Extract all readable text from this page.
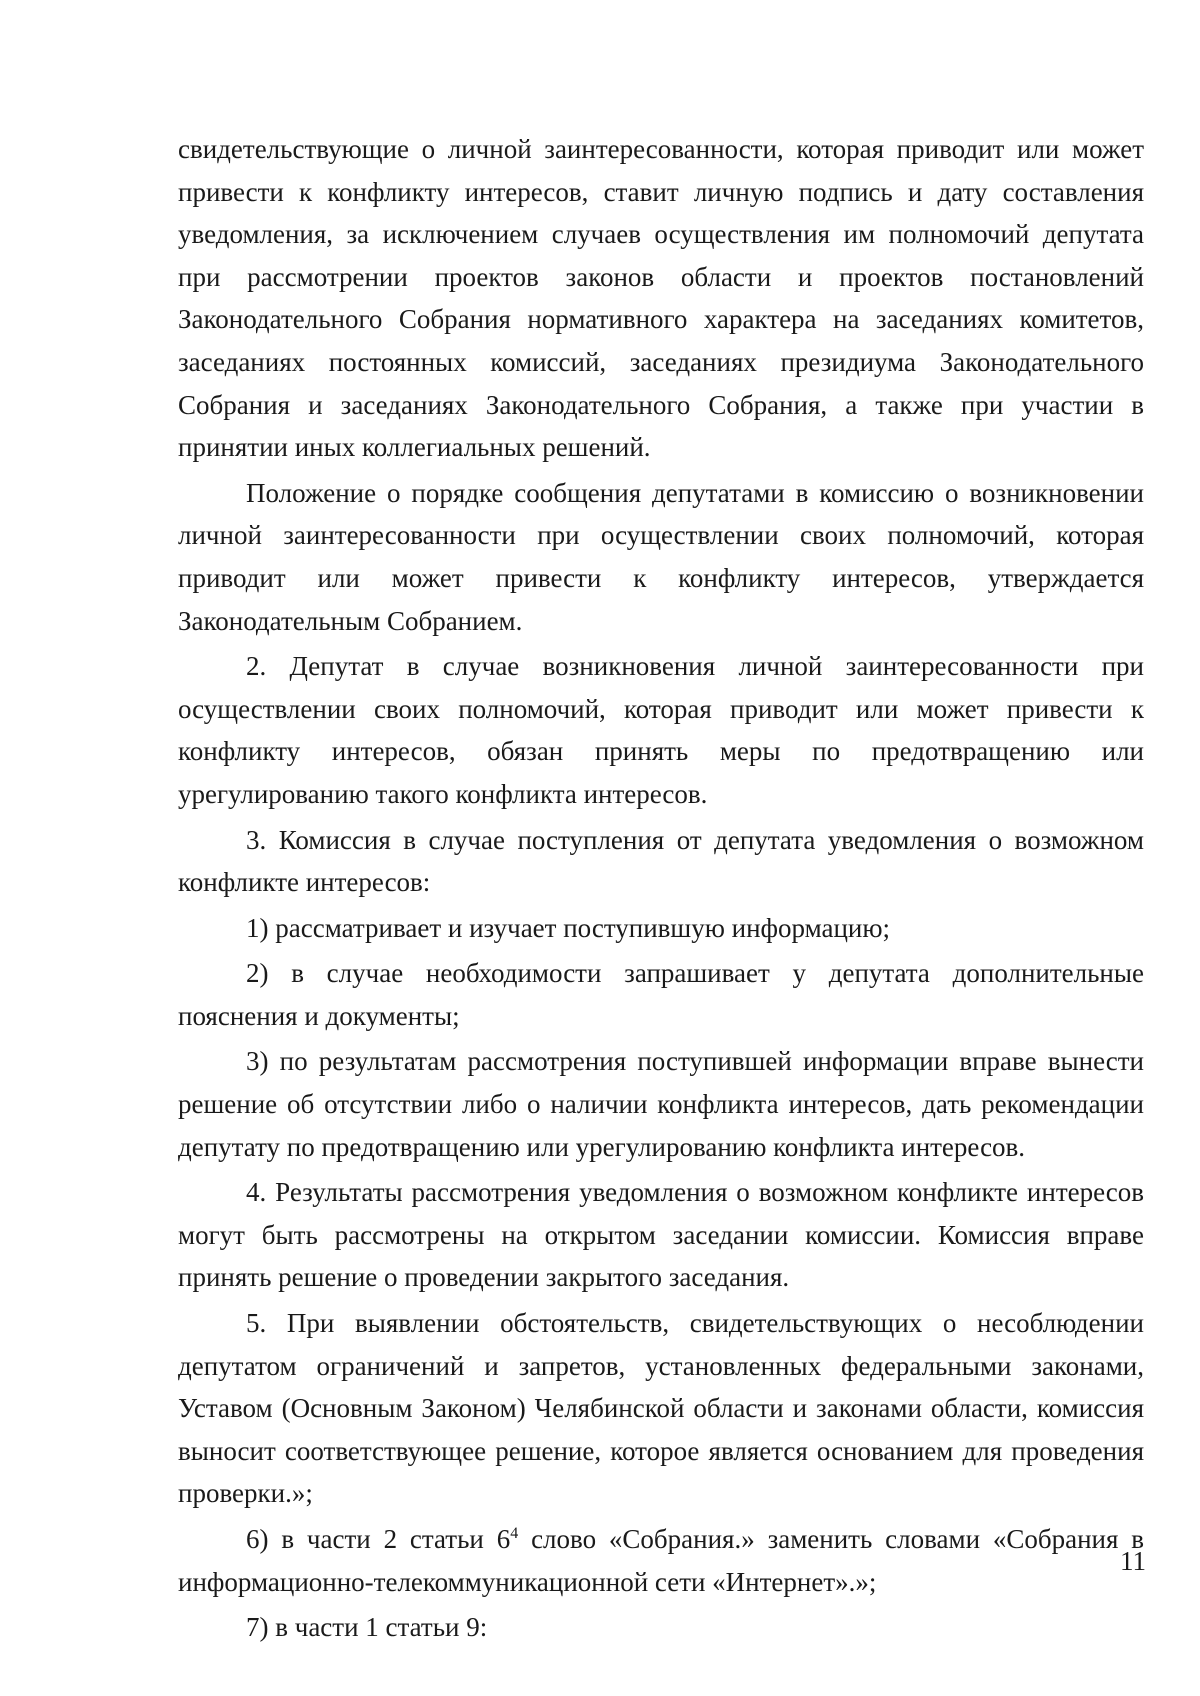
свидетельствующие о личной заинтересованности, которая приводит или может привести к конфликту интересов, ставит личную подпись и дату составления уведомления, за исключением случаев осуществления им полномочий депутата при рассмотрении проектов законов области и проектов постановлений Законодательного Собрания нормативного характера на заседаниях комитетов, заседаниях постоянных комиссий, заседаниях президиума Законодательного Собрания и заседаниях Законодательного Собрания, а также при участии в принятии иных коллегиальных решений.

Положение о порядке сообщения депутатами в комиссию о возникновении личной заинтересованности при осуществлении своих полномочий, которая приводит или может привести к конфликту интересов, утверждается Законодательным Собранием.

2. Депутат в случае возникновения личной заинтересованности при осуществлении своих полномочий, которая приводит или может привести к конфликту интересов, обязан принять меры по предотвращению или урегулированию такого конфликта интересов.

3. Комиссия в случае поступления от депутата уведомления о возможном конфликте интересов:

1) рассматривает и изучает поступившую информацию;

2) в случае необходимости запрашивает у депутата дополнительные пояснения и документы;

3) по результатам рассмотрения поступившей информации вправе вынести решение об отсутствии либо о наличии конфликта интересов, дать рекомендации депутату по предотвращению или урегулированию конфликта интересов.

4. Результаты рассмотрения уведомления о возможном конфликте интересов могут быть рассмотрены на открытом заседании комиссии. Комиссия вправе принять решение о проведении закрытого заседания.

5. При выявлении обстоятельств, свидетельствующих о несоблюдении депутатом ограничений и запретов, установленных федеральными законами, Уставом (Основным Законом) Челябинской области и законами области, комиссия выносит соответствующее решение, которое является основанием для проведения проверки.»;

6) в части 2 статьи $6^4$ слово «Собрания.» заменить словами «Собрания в информационно-телекоммуникационной сети «Интернет».»;

7) в части 1 статьи 9:

11
